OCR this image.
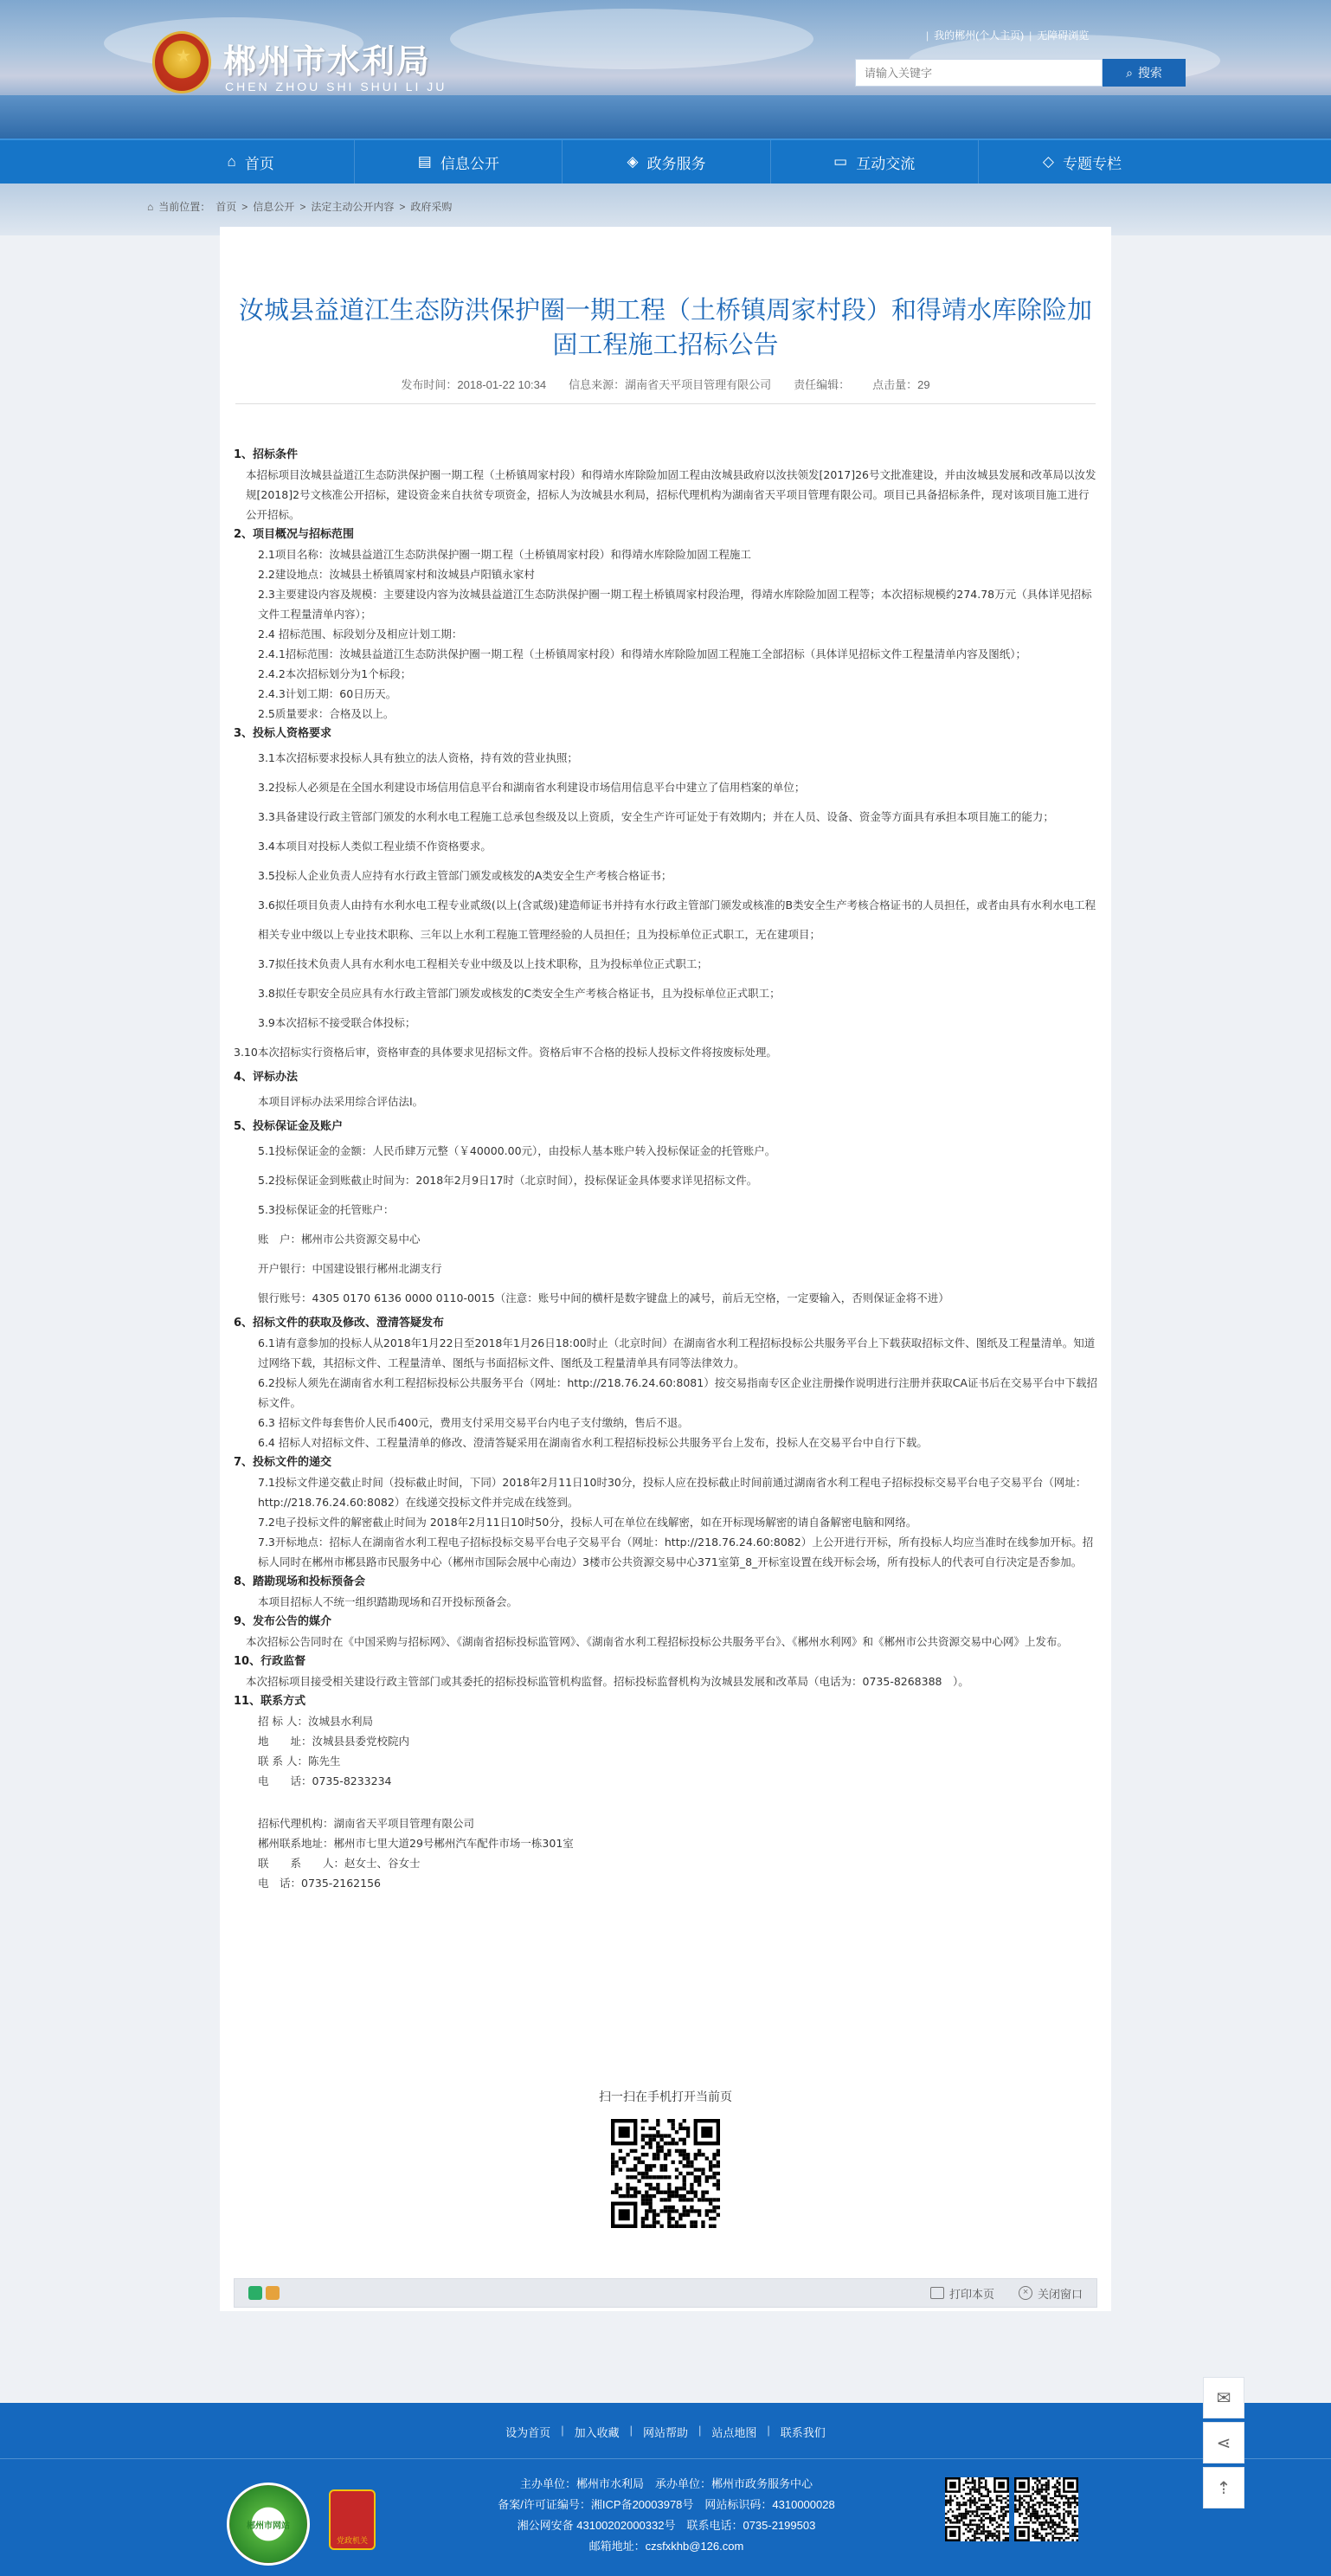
★ 郴州市水利局
CHEN ZHOU SHI SHUI LI JU
| 我的郴州(个人主页) | 无障碍浏览
请输入关键字
⌕ 搜索
⌂ 首页	▤ 信息公开	◈ 政务服务	▭ 互动交流	◇ 专题专栏
⌂ 当前位置： 首页 > 信息公开 > 法定主动公开内容 > 政府采购
汝城县益道江生态防洪保护圈一期工程（土桥镇周家村段）和得靖水库除险加固工程施工招标公告
发布时间：2018-01-22 10:34 信息来源：湖南省天平项目管理有限公司 责任编辑： 点击量：29
1、招标条件
本招标项目汝城县益道江生态防洪保护圈一期工程（土桥镇周家村段）和得靖水库除险加固工程由汝城县政府以汝扶领发[2017]26号文批准建设，并由汝城县发展和改革局以汝发规[2018]2号文核准公开招标，建设资金来自扶贫专项资金，招标人为汝城县水利局，招标代理机构为湖南省天平项目管理有限公司。项目已具备招标条件，现对该项目施工进行公开招标。
2、项目概况与招标范围
2.1项目名称：汝城县益道江生态防洪保护圈一期工程（土桥镇周家村段）和得靖水库除险加固工程施工
2.2建设地点：汝城县土桥镇周家村和汝城县卢阳镇永家村
2.3主要建设内容及规模：主要建设内容为汝城县益道江生态防洪保护圈一期工程土桥镇周家村段治理，得靖水库除险加固工程等；本次招标规模约274.78万元（具体详见招标文件工程量清单内容）；
2.4 招标范围、标段划分及相应计划工期：
2.4.1招标范围：汝城县益道江生态防洪保护圈一期工程（土桥镇周家村段）和得靖水库除险加固工程施工全部招标（具体详见招标文件工程量清单内容及图纸）；
2.4.2本次招标划分为1个标段；
2.4.3计划工期：60日历天。
2.5质量要求：合格及以上。
3、投标人资格要求
3.1本次招标要求投标人具有独立的法人资格，持有效的营业执照；
3.2投标人必须是在全国水利建设市场信用信息平台和湖南省水利建设市场信用信息平台中建立了信用档案的单位；
3.3具备建设行政主管部门颁发的水利水电工程施工总承包叁级及以上资质，安全生产许可证处于有效期内；并在人员、设备、资金等方面具有承担本项目施工的能力；
3.4本项目对投标人类似工程业绩不作资格要求。
3.5投标人企业负责人应持有水行政主管部门颁发或核发的A类安全生产考核合格证书；
3.6拟任项目负责人由持有水利水电工程专业贰级(以上(含贰级)建造师证书并持有水行政主管部门颁发或核准的B类安全生产考核合格证书的人员担任，或者由具有水利水电工程相关专业中级以上专业技术职称、三年以上水利工程施工管理经验的人员担任；且为投标单位正式职工，无在建项目；
3.7拟任技术负责人具有水利水电工程相关专业中级及以上技术职称，且为投标单位正式职工；
3.8拟任专职安全员应具有水行政主管部门颁发或核发的C类安全生产考核合格证书，且为投标单位正式职工；
3.9本次招标不接受联合体投标；
3.10本次招标实行资格后审，资格审查的具体要求见招标文件。资格后审不合格的投标人投标文件将按废标处理。
4、评标办法
本项目评标办法采用综合评估法Ⅰ。
5、投标保证金及账户
5.1投标保证金的金额：人民币肆万元整（￥40000.00元），由投标人基本账户转入投标保证金的托管账户。
5.2投标保证金到账截止时间为：2018年2月9日17时（北京时间），投标保证金具体要求详见招标文件。
5.3投标保证金的托管账户：
账　户：郴州市公共资源交易中心
开户银行：中国建设银行郴州北湖支行
银行账号：4305 0170 6136 0000 0110-0015（注意：账号中间的横杆是数字键盘上的减号，前后无空格，一定要输入，否则保证金将不进）
6、招标文件的获取及修改、澄清答疑发布
6.1请有意参加的投标人从2018年1月22日至2018年1月26日18:00时止（北京时间）在湖南省水利工程招标投标公共服务平台上下载获取招标文件、图纸及工程量清单。知道过网络下载，其招标文件、工程量清单、图纸与书面招标文件、图纸及工程量清单具有同等法律效力。
6.2投标人须先在湖南省水利工程招标投标公共服务平台（网址：http://218.76.24.60:8081）按交易指南专区企业注册操作说明进行注册并获取CA证书后在交易平台中下载招标文件。
6.3 招标文件每套售价人民币400元，费用支付采用交易平台内电子支付缴纳，售后不退。
6.4 招标人对招标文件、工程量清单的修改、澄清答疑采用在湖南省水利工程招标投标公共服务平台上发布，投标人在交易平台中自行下载。
7、投标文件的递交
7.1投标文件递交截止时间（投标截止时间，下同）2018年2月11日10时30分，投标人应在投标截止时间前通过湖南省水利工程电子招标投标交易平台电子交易平台（网址：http://218.76.24.60:8082）在线递交投标文件并完成在线签到。
7.2电子投标文件的解密截止时间为 2018年2月11日10时50分，投标人可在单位在线解密，如在开标现场解密的请自备解密电脑和网络。
7.3开标地点：招标人在湖南省水利工程电子招标投标交易平台电子交易平台（网址：http://218.76.24.60:8082）上公开进行开标，所有投标人均应当准时在线参加开标。招标人同时在郴州市郴县路市民服务中心（郴州市国际会展中心南边）3楼市公共资源交易中心371室第_8_开标室设置在线开标会场，所有投标人的代表可自行决定是否参加。
8、踏勘现场和投标预备会
本项目招标人不统一组织踏勘现场和召开投标预备会。
9、发布公告的媒介
本次招标公告同时在《中国采购与招标网》、《湖南省招标投标监管网》、《湖南省水利工程招标投标公共服务平台》、《郴州水利网》和《郴州市公共资源交易中心网》上发布。
10、行政监督
本次招标项目接受相关建设行政主管部门或其委托的招标投标监管机构监督。招标投标监督机构为汝城县发展和改革局（电话为：0735-8268388　）。
11、联系方式
招 标 人：汝城县水利局
地　　址：汝城县县委党校院内
联 系 人：陈先生
电　　话：0735-8233234
招标代理机构：湖南省天平项目管理有限公司
郴州联系地址：郴州市七里大道29号郴州汽车配件市场一栋301室
联　　系　　人：赵女士、谷女士
电　话：0735-2162156
扫一扫在手机打开当前页
打印本页	× 关闭窗口
设为首页 | 加入收藏 | 网站帮助 | 站点地图 | 联系我们
郴州市网站
党政机关
主办单位：郴州市水利局　承办单位：郴州市政务服务中心
备案/许可证编号：湘ICP备20003978号　网站标识码：4310000028
湘公网安备 43100202000332号　联系电话：0735-2199503
邮箱地址：czsfxkhb@126.com
✉
⋖
⇡
